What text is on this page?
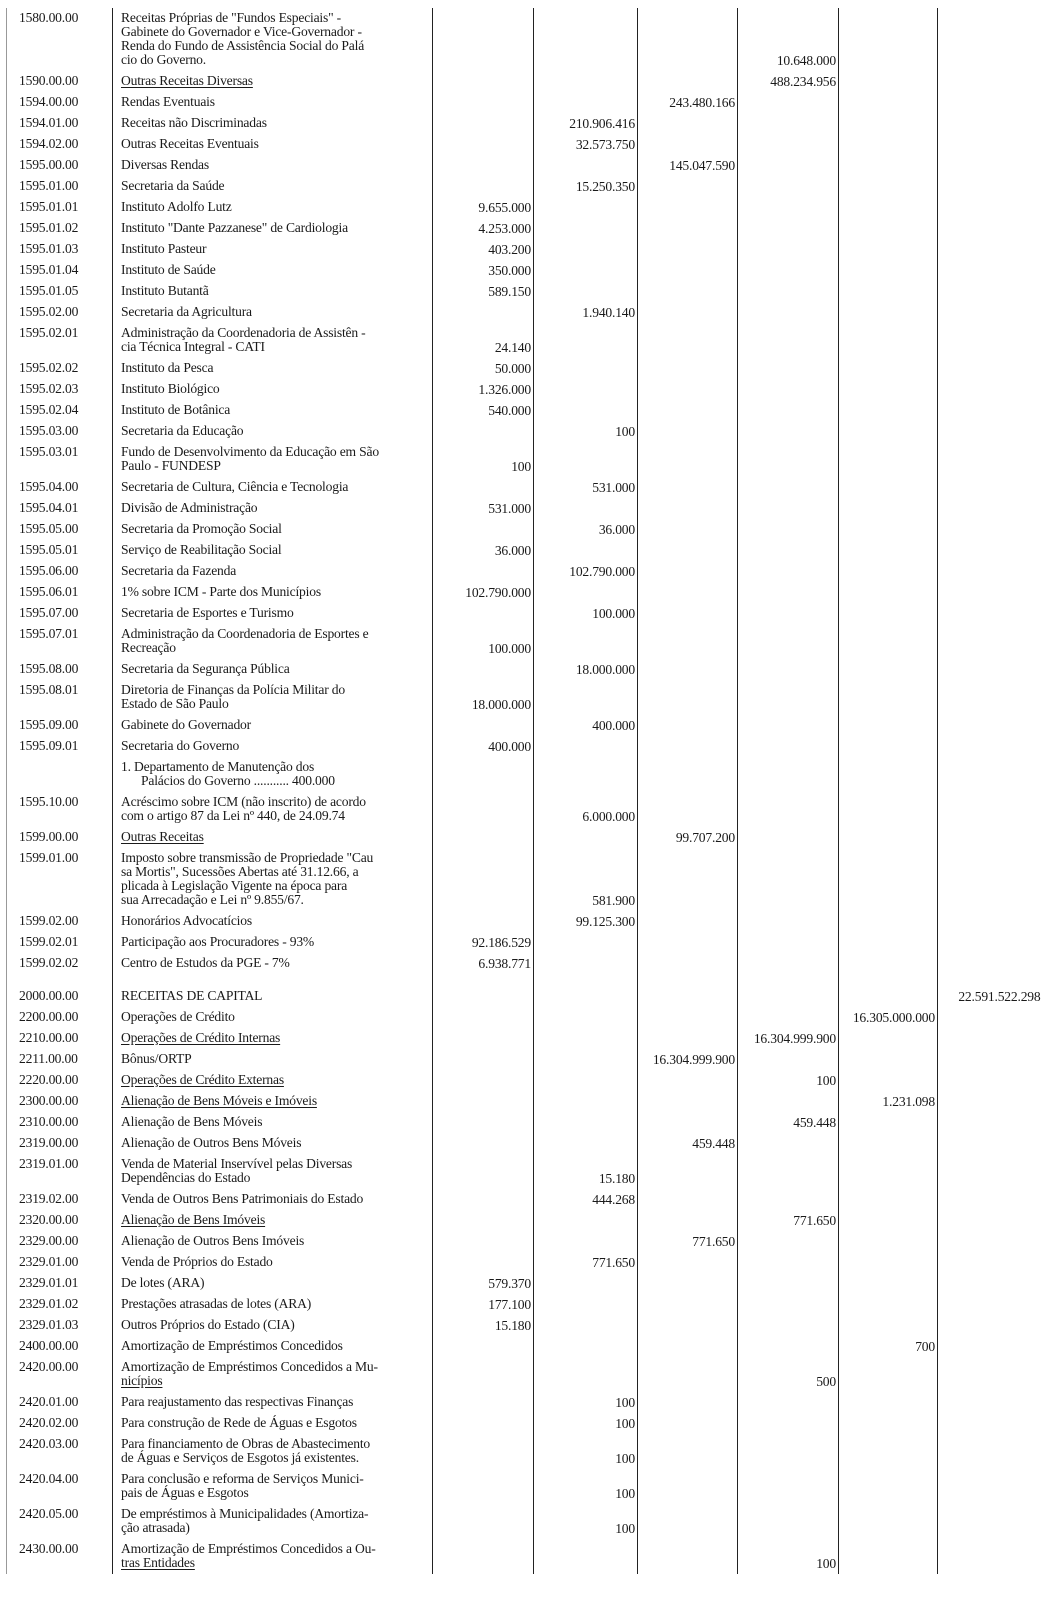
1580.00.00	Receitas Próprias de "Fundos Especiais" -
Gabinete do Governador e Vice-Governador -
Renda do Fundo de Assistência Social do Palá
cio do Governo.				10.648.000		
1590.00.00	Outras Receitas Diversas				488.234.956		
1594.00.00	Rendas Eventuais			243.480.166			
1594.01.00	Receitas não Discriminadas		210.906.416				
1594.02.00	Outras Receitas Eventuais		32.573.750				
1595.00.00	Diversas Rendas			145.047.590			
1595.01.00	Secretaria da Saúde		15.250.350				
1595.01.01	Instituto Adolfo Lutz	9.655.000					
1595.01.02	Instituto "Dante Pazzanese" de Cardiologia	4.253.000					
1595.01.03	Instituto Pasteur	403.200					
1595.01.04	Instituto de Saúde	350.000					
1595.01.05	Instituto Butantã	589.150					
1595.02.00	Secretaria da Agricultura		1.940.140				
1595.02.01	Administração da Coordenadoria de Assistên -
cia Técnica Integral - CATI	24.140					
1595.02.02	Instituto da Pesca	50.000					
1595.02.03	Instituto Biológico	1.326.000					
1595.02.04	Instituto de Botânica	540.000					
1595.03.00	Secretaria da Educação		100				
1595.03.01	Fundo de Desenvolvimento da Educação em São
Paulo - FUNDESP	100					
1595.04.00	Secretaria de Cultura, Ciência e Tecnologia		531.000				
1595.04.01	Divisão de Administração	531.000					
1595.05.00	Secretaria da Promoção Social		36.000				
1595.05.01	Serviço de Reabilitação Social	36.000					
1595.06.00	Secretaria da Fazenda		102.790.000				
1595.06.01	1% sobre ICM - Parte dos Municípios	102.790.000					
1595.07.00	Secretaria de Esportes e Turismo		100.000				
1595.07.01	Administração da Coordenadoria de Esportes e
Recreação	100.000					
1595.08.00	Secretaria da Segurança Pública		18.000.000				
1595.08.01	Diretoria de Finanças da Polícia Militar do
Estado de São Paulo	18.000.000					
1595.09.00	Gabinete do Governador		400.000				
1595.09.01	Secretaria do Governo	400.000					

	1. Departamento de Manutenção dos
Palácios do Governo ........... 400.000						

1595.10.00	Acréscimo sobre ICM (não inscrito) de acordo
com o artigo 87 da Lei nº 440, de 24.09.74		6.000.000				
1599.00.00	Outras Receitas			99.707.200			
1599.01.00	Imposto sobre transmissão de Propriedade "Cau
sa Mortis", Sucessões Abertas até 31.12.66, a
plicada à Legislação Vigente na época para
sua Arrecadação e Lei nº 9.855/67.		581.900				
1599.02.00	Honorários Advocatícios		99.125.300				
1599.02.01	Participação aos Procuradores - 93%	92.186.529					
1599.02.02	Centro de Estudos da PGE - 7%	6.938.771					

2000.00.00	RECEITAS DE CAPITAL						22.591.522.298
2200.00.00	Operações de Crédito					16.305.000.000	
2210.00.00	Operações de Crédito Internas				16.304.999.900		
2211.00.00	Bônus/ORTP			16.304.999.900			
2220.00.00	Operações de Crédito Externas				100		
2300.00.00	Alienação de Bens Móveis e Imóveis					1.231.098	
2310.00.00	Alienação de Bens Móveis				459.448		
2319.00.00	Alienação de Outros Bens Móveis			459.448			
2319.01.00	Venda de Material Inservível pelas Diversas
Dependências do Estado		15.180				
2319.02.00	Venda de Outros Bens Patrimoniais do Estado		444.268				
2320.00.00	Alienação de Bens Imóveis				771.650		
2329.00.00	Alienação de Outros Bens Imóveis			771.650			
2329.01.00	Venda de Próprios do Estado		771.650				
2329.01.01	De lotes (ARA)	579.370					
2329.01.02	Prestações atrasadas de lotes (ARA)	177.100					
2329.01.03	Outros Próprios do Estado (CIA)	15.180					
2400.00.00	Amortização de Empréstimos Concedidos					700	
2420.00.00	Amortização de Empréstimos Concedidos a Mu-
nicípios				500		
2420.01.00	Para reajustamento das respectivas Finanças		100				
2420.02.00	Para construção de Rede de Águas e Esgotos		100				
2420.03.00	Para financiamento de Obras de Abastecimento
de Águas e Serviços de Esgotos já existentes.		100				
2420.04.00	Para conclusão e reforma de Serviços Munici-
pais de Águas e Esgotos		100				
2420.05.00	De empréstimos à Municipalidades (Amortiza-
ção atrasada)		100				
2430.00.00	Amortização de Empréstimos Concedidos a Ou-
tras Entidades				100		
